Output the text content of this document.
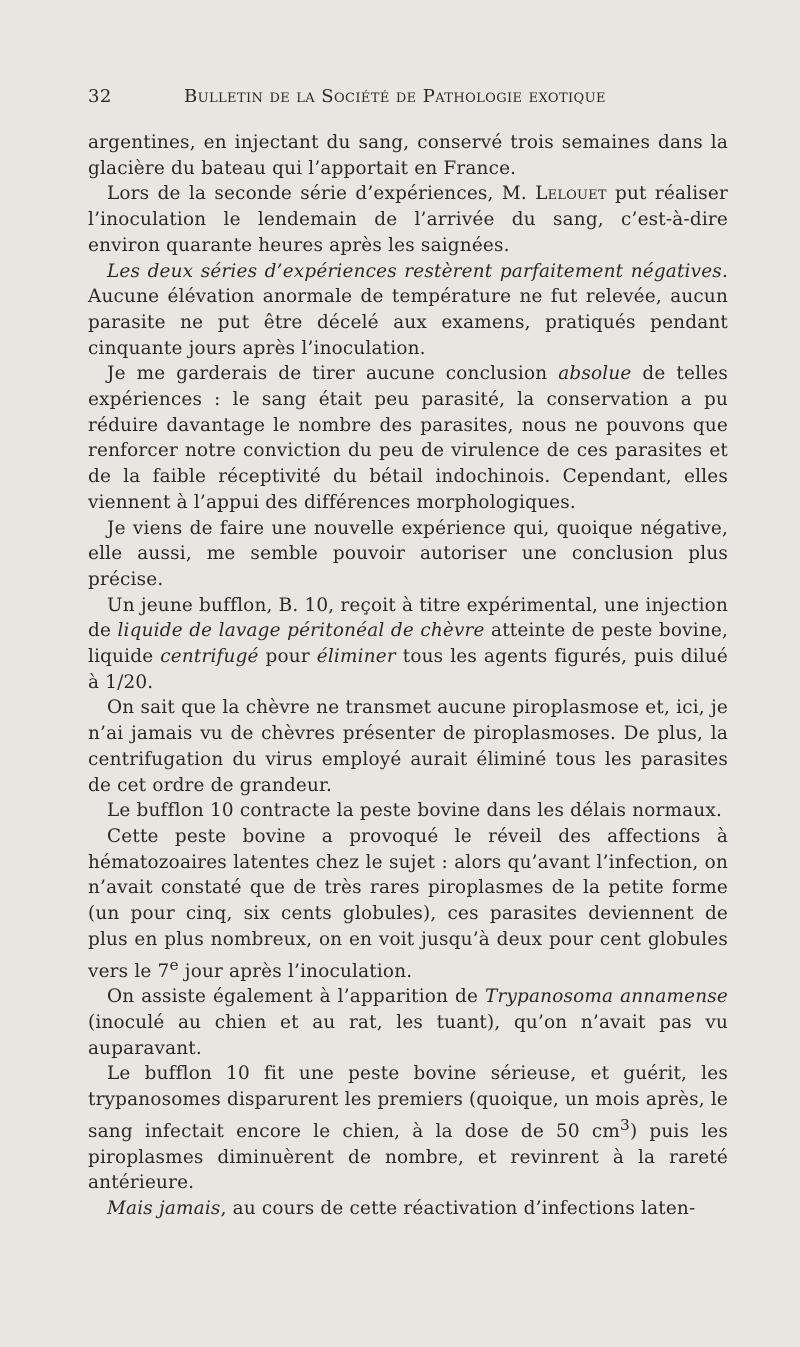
32	Bulletin de la Société de Pathologie exotique

argentines, en injectant du sang, conservé trois semaines dans la glacière du bateau qui l’apportait en France.

Lors de la seconde série d’expériences, M. Lelouet put réaliser l’inoculation le lendemain de l’arrivée du sang, c’est-à-dire environ quarante heures après les saignées.

Les deux séries d’expériences restèrent parfaitement négatives. Aucune élévation anormale de température ne fut relevée, aucun parasite ne put être décelé aux examens, pratiqués pendant cinquante jours après l’inoculation.

Je me garderais de tirer aucune conclusion absolue de telles expériences : le sang était peu parasité, la conservation a pu réduire davantage le nombre des parasites, nous ne pouvons que renforcer notre conviction du peu de virulence de ces parasites et de la faible réceptivité du bétail indochinois. Cependant, elles viennent à l’appui des différences morphologiques.

Je viens de faire une nouvelle expérience qui, quoique négative, elle aussi, me semble pouvoir autoriser une conclusion plus précise.

Un jeune bufflon, B. 10, reçoit à titre expérimental, une injection de liquide de lavage péritonéal de chèvre atteinte de peste bovine, liquide centrifugé pour éliminer tous les agents figurés, puis dilué à 1/20.

On sait que la chèvre ne transmet aucune piroplasmose et, ici, je n’ai jamais vu de chèvres présenter de piroplasmoses. De plus, la centrifugation du virus employé aurait éliminé tous les parasites de cet ordre de grandeur.

Le bufflon 10 contracte la peste bovine dans les délais normaux.

Cette peste bovine a provoqué le réveil des affections à hématozoaires latentes chez le sujet : alors qu’avant l’infection, on n’avait constaté que de très rares piroplasmes de la petite forme (un pour cinq, six cents globules), ces parasites deviennent de plus en plus nombreux, on en voit jusqu’à deux pour cent globules vers le 7e jour après l’inoculation.

On assiste également à l’apparition de Trypanosoma annamense (inoculé au chien et au rat, les tuant), qu’on n’avait pas vu auparavant.

Le bufflon 10 fit une peste bovine sérieuse, et guérit, les trypanosomes disparurent les premiers (quoique, un mois après, le sang infectait encore le chien, à la dose de 50 $cm^3$) puis les piroplasmes diminuèrent de nombre, et revinrent à la rareté antérieure.

Mais jamais, au cours de cette réactivation d’infections laten-
